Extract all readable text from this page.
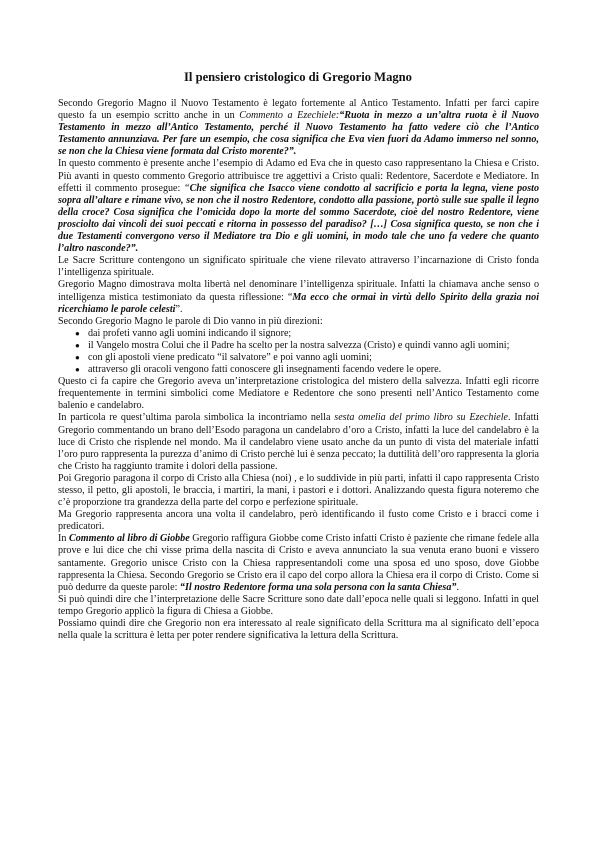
Il pensiero cristologico di Gregorio Magno

Secondo Gregorio Magno il Nuovo Testamento è legato fortemente al Antico Testamento. Infatti per farci capire questo fa un esempio scritto anche in un Commento a Ezechiele:“Ruota in mezzo a un’altra ruota è il Nuovo Testamento in mezzo all’Antico Testamento, perché il Nuovo Testamento ha fatto vedere ciò che l’Antico Testamento annunziava. Per fare un esempio, che cosa significa che Eva vien fuori da Adamo immerso nel sonno, se non che la Chiesa viene formata dal Cristo morente?”.

In questo commento è presente anche l’esempio di Adamo ed Eva che in questo caso rappresentano la Chiesa e Cristo. Più avanti in questo commento Gregorio attribuisce tre aggettivi a Cristo quali: Redentore, Sacerdote e Mediatore. In effetti il commento prosegue: “Che significa che Isacco viene condotto al sacrificio e porta la legna, viene posto sopra all’altare e rimane vivo, se non che il nostro Redentore, condotto alla passione, portò sulle sue spalle il legno della croce? Cosa significa che l’omicida dopo la morte del sommo Sacerdote, cioè del nostro Redentore, viene prosciolto dai vincoli dei suoi peccati e ritorna in possesso del paradiso? […] Cosa significa questo, se non che i due Testamenti convergono verso il Mediatore tra Dio e gli uomini, in modo tale che uno fa vedere che quanto l’altro nasconde?”.

Le Sacre Scritture contengono un significato spirituale che viene rilevato attraverso l’incarnazione di Cristo fonda l’intelligenza spirituale.

Gregorio Magno dimostrava molta libertà nel denominare l’intelligenza spirituale. Infatti la chiamava anche senso o intelligenza mistica testimoniato da questa riflessione: “Ma ecco che ormai in virtù dello Spirito della grazia noi ricerchiamo le parole celesti”.

Secondo Gregorio Magno le parole di Dio vanno in più direzioni:

● dai profeti vanno agli uomini indicando il signore;
● il Vangelo mostra Colui che il Padre ha scelto per la nostra salvezza (Cristo) e quindi vanno agli uomini;
● con gli apostoli viene predicato “il salvatore” e poi vanno agli uomini;
● attraverso gli oracoli vengono fatti conoscere gli insegnamenti facendo vedere le opere.

Questo ci fa capire che Gregorio aveva un’interpretazione cristologica del mistero della salvezza. Infatti egli ricorre frequentemente in termini simbolici come Mediatore e Redentore che sono presenti nell’Antico Testamento come balenio e candelabro.

In particola re quest’ultima parola simbolica la incontriamo nella sesta omelia del primo libro su Ezechiele. Infatti Gregorio commentando un brano dell’Esodo paragona un candelabro d’oro a Cristo, infatti la luce del candelabro è la luce di Cristo che risplende nel mondo. Ma il candelabro viene usato anche da un punto di vista del materiale infatti l’oro puro rappresenta la purezza d’animo di Cristo perchè lui è senza peccato; la duttilità dell’oro rappresenta la gloria che Cristo ha raggiunto tramite i dolori della passione.

Poi Gregorio paragona il corpo di Cristo alla Chiesa (noi) , e lo suddivide in più parti, infatti il capo rappresenta Cristo stesso, il petto, gli apostoli, le braccia, i martiri, la mani, i pastori e i dottori. Analizzando questa figura noteremo che c’è proporzione tra grandezza della parte del corpo e perfezione spirituale.

Ma Gregorio rappresenta ancora una volta il candelabro, però identificando il fusto come Cristo e i bracci come i predicatori.

In Commento al libro di Giobbe Gregorio raffigura Giobbe come Cristo infatti Cristo è paziente che rimane fedele alla prove e lui dice che chi visse prima della nascita di Cristo e aveva annunciato la sua venuta erano buoni e vissero santamente. Gregorio unisce Cristo con la Chiesa rappresentandoli come una sposa ed uno sposo, dove Giobbe rappresenta la Chiesa. Secondo Gregorio se Cristo era il capo del corpo allora la Chiesa era il corpo di Cristo. Come si può dedurre da queste parole: “Il nostro Redentore forma una sola persona con la santa Chiesa”.

Si può quindi dire che l’interpretazione delle Sacre Scritture sono date dall’epoca nelle quali si leggono. Infatti in quel tempo Gregorio applicò la figura di Chiesa a Giobbe.

Possiamo quindi dire che Gregorio non era interessato al reale significato della Scrittura ma al significato dell’epoca nella quale la scrittura è letta per poter rendere significativa la lettura della Scrittura.
